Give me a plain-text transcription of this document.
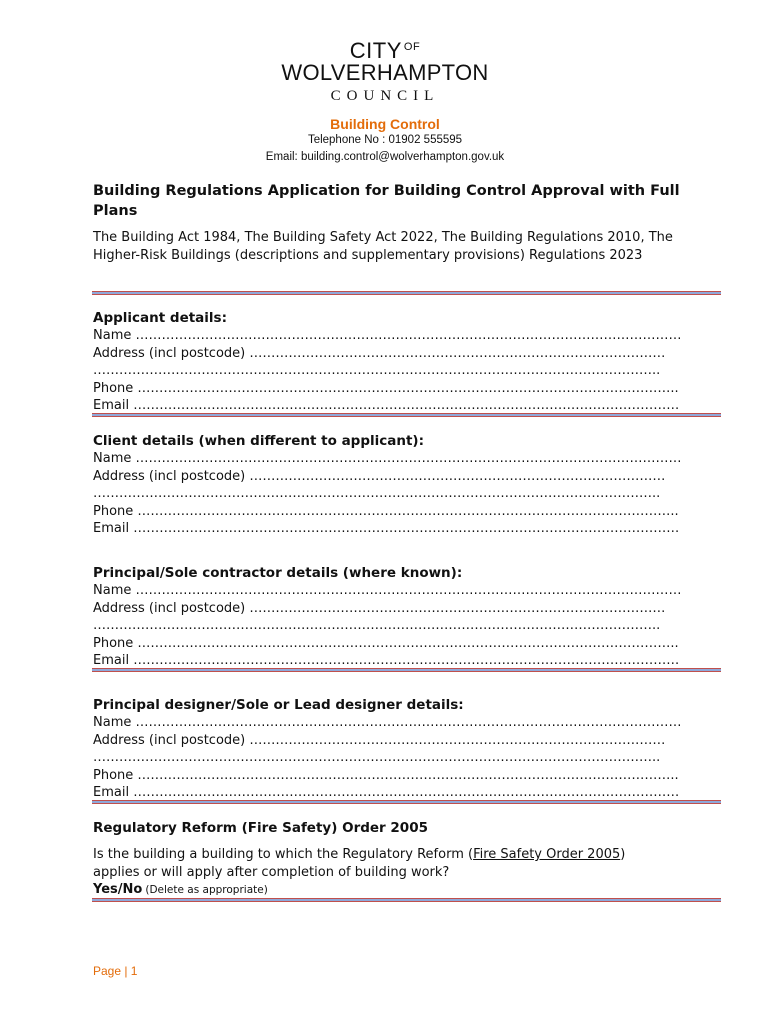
CITY $^{OF}$
WOLVERHAMPTON
COUNCIL
Building Control
Telephone No : 01902 555595
Email: building.control@wolverhampton.gov.uk
Building Regulations Application for Building Control Approval with Full Plans
The Building Act 1984, The Building Safety Act 2022, The Building Regulations 2010, The Higher-Risk Buildings (descriptions and supplementary provisions) Regulations 2023
Applicant details:
Name ………………………………………………………………………………………………………………
Address (incl postcode) ……………………………………………………………………………………
…………………………………………………………………………………………………………………..
Phone ……………………………………………………………………………………………………………..
Email ………………………………………………………………………………………………………………
Client details (when different to applicant):
Name ………………………………………………………………………………………………………………
Address (incl postcode) ……………………………………………………………………………………
…………………………………………………………………………………………………………………..
Phone ……………………………………………………………………………………………………………..
Email ………………………………………………………………………………………………………………
Principal/Sole contractor details (where known):
Name ………………………………………………………………………………………………………………
Address (incl postcode) ……………………………………………………………………………………
…………………………………………………………………………………………………………………..
Phone ……………………………………………………………………………………………………………..
Email ………………………………………………………………………………………………………………
Principal designer/Sole or Lead designer details:
Name ………………………………………………………………………………………………………………
Address (incl postcode) ……………………………………………………………………………………
…………………………………………………………………………………………………………………..
Phone ……………………………………………………………………………………………………………..
Email ………………………………………………………………………………………………………………
Regulatory Reform (Fire Safety) Order 2005
Is the building a building to which the Regulatory Reform (Fire Safety Order 2005) applies or will apply after completion of building work?
Yes/No (Delete as appropriate)
Page | 1
